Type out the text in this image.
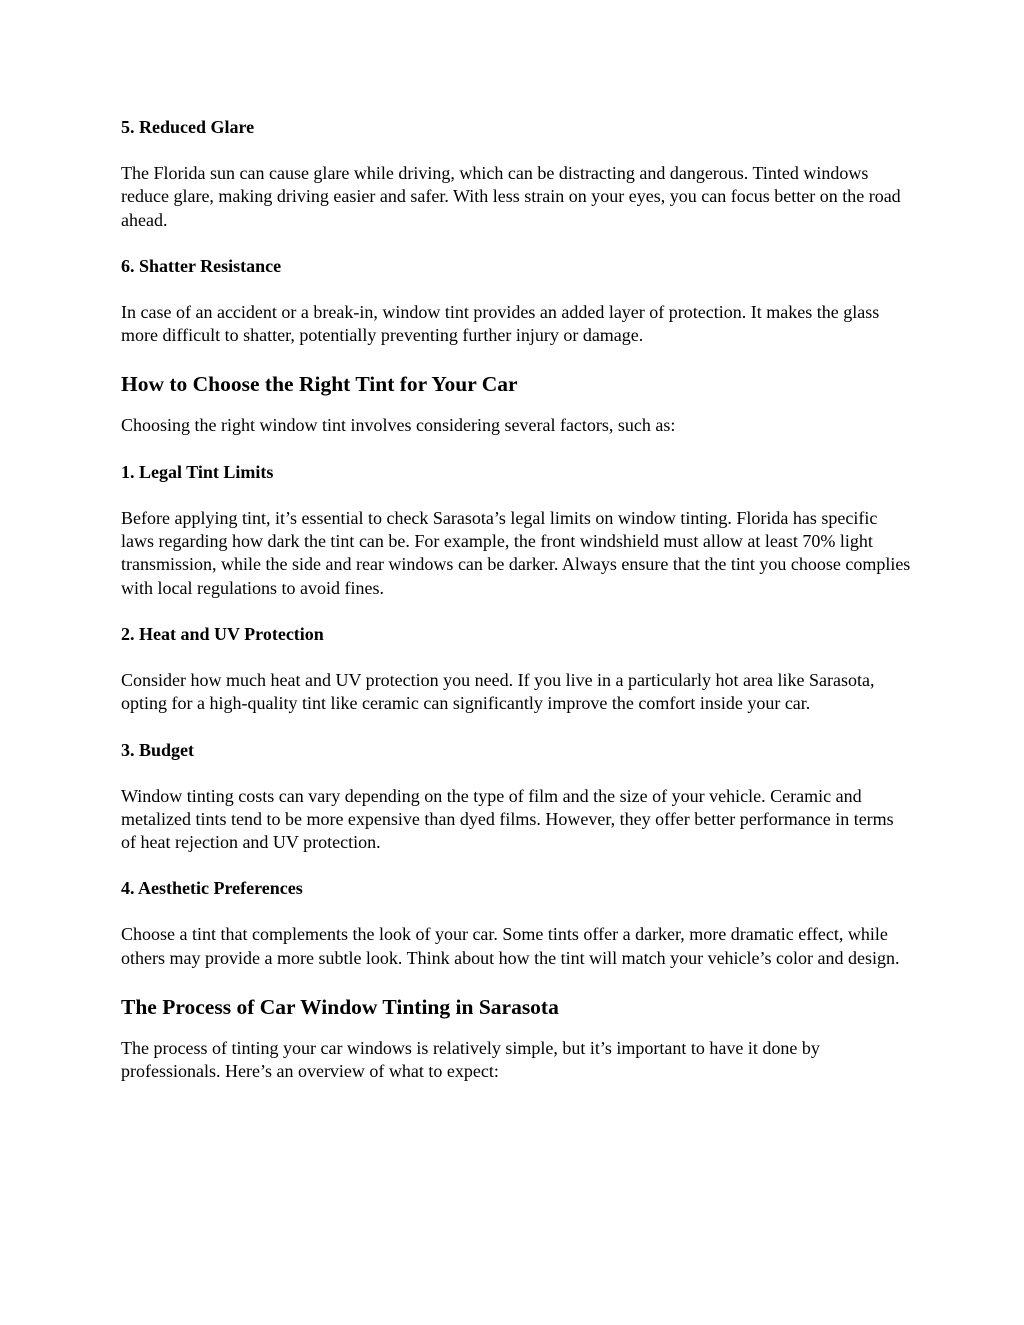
5. Reduced Glare
The Florida sun can cause glare while driving, which can be distracting and dangerous. Tinted windows reduce glare, making driving easier and safer. With less strain on your eyes, you can focus better on the road ahead.
6. Shatter Resistance
In case of an accident or a break-in, window tint provides an added layer of protection. It makes the glass more difficult to shatter, potentially preventing further injury or damage.
How to Choose the Right Tint for Your Car
Choosing the right window tint involves considering several factors, such as:
1. Legal Tint Limits
Before applying tint, it’s essential to check Sarasota’s legal limits on window tinting. Florida has specific laws regarding how dark the tint can be. For example, the front windshield must allow at least 70% light transmission, while the side and rear windows can be darker. Always ensure that the tint you choose complies with local regulations to avoid fines.
2. Heat and UV Protection
Consider how much heat and UV protection you need. If you live in a particularly hot area like Sarasota, opting for a high-quality tint like ceramic can significantly improve the comfort inside your car.
3. Budget
Window tinting costs can vary depending on the type of film and the size of your vehicle. Ceramic and metalized tints tend to be more expensive than dyed films. However, they offer better performance in terms of heat rejection and UV protection.
4. Aesthetic Preferences
Choose a tint that complements the look of your car. Some tints offer a darker, more dramatic effect, while others may provide a more subtle look. Think about how the tint will match your vehicle’s color and design.
The Process of Car Window Tinting in Sarasota
The process of tinting your car windows is relatively simple, but it’s important to have it done by professionals. Here’s an overview of what to expect:
